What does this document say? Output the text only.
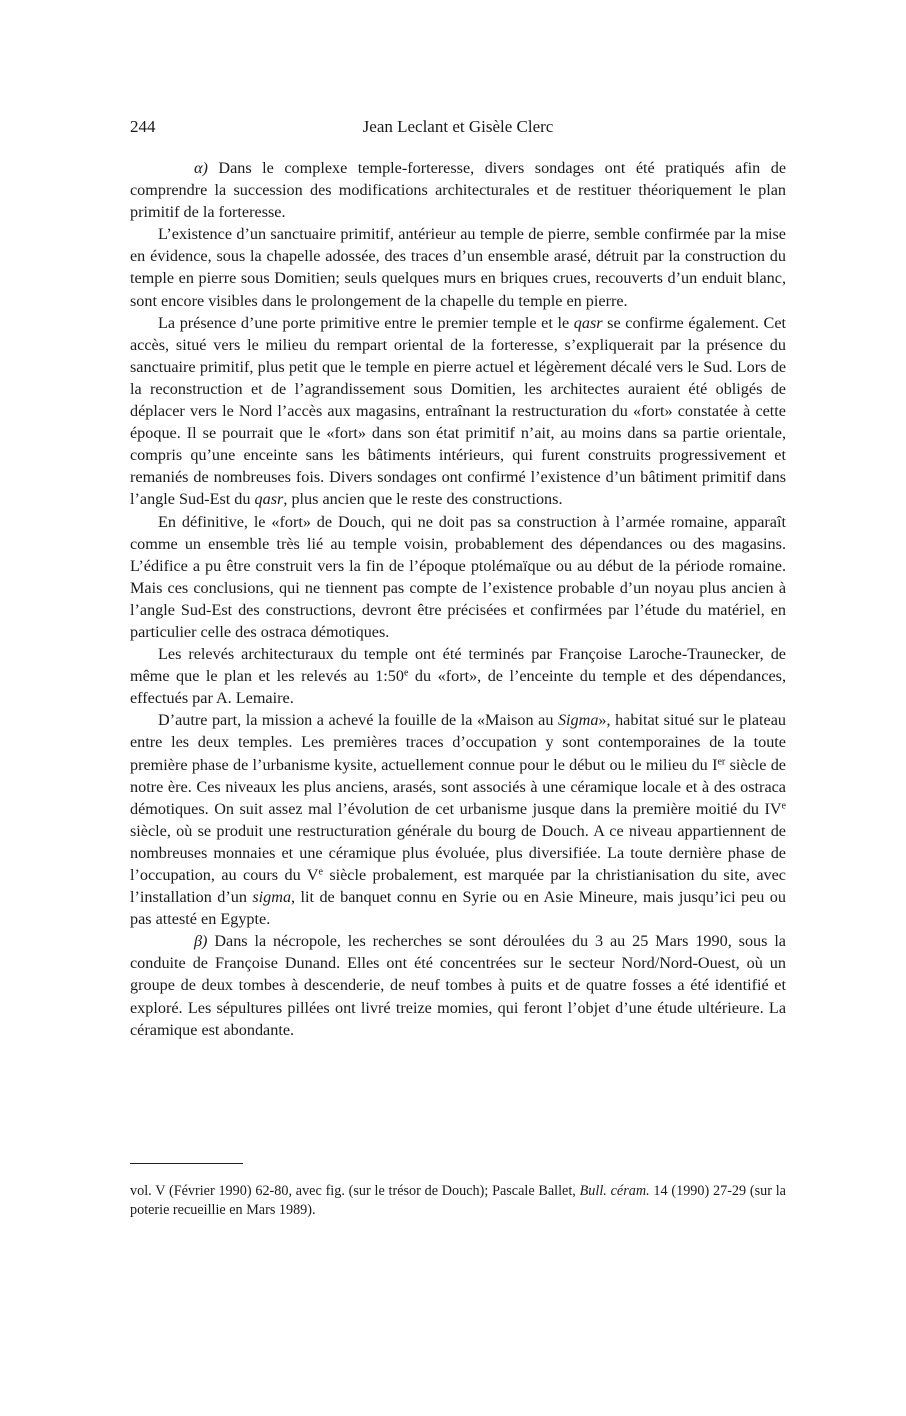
244	Jean Leclant et Gisèle Clerc

α) Dans le complexe temple-forteresse, divers sondages ont été pratiqués afin de comprendre la succession des modifications architecturales et de restituer théoriquement le plan primitif de la forteresse.

L’existence d’un sanctuaire primitif, antérieur au temple de pierre, semble confirmée par la mise en évidence, sous la chapelle adossée, des traces d’un ensemble arasé, détruit par la construction du temple en pierre sous Domitien; seuls quelques murs en briques crues, recouverts d’un enduit blanc, sont encore visibles dans le prolongement de la chapelle du temple en pierre.

La présence d’une porte primitive entre le premier temple et le qasr se confirme également. Cet accès, situé vers le milieu du rempart oriental de la forteresse, s’expliquerait par la présence du sanctuaire primitif, plus petit que le temple en pierre actuel et légèrement décalé vers le Sud. Lors de la reconstruction et de l’agrandissement sous Domitien, les architectes auraient été obligés de déplacer vers le Nord l’accès aux magasins, entraînant la restructuration du «fort» constatée à cette époque. Il se pourrait que le «fort» dans son état primitif n’ait, au moins dans sa partie orientale, compris qu’une enceinte sans les bâtiments intérieurs, qui furent construits progressivement et remaniés de nombreuses fois. Divers sondages ont confirmé l’existence d’un bâtiment primitif dans l’angle Sud-Est du qasr, plus ancien que le reste des constructions.

En définitive, le «fort» de Douch, qui ne doit pas sa construction à l’armée romaine, apparaît comme un ensemble très lié au temple voisin, probablement des dépendances ou des magasins. L’édifice a pu être construit vers la fin de l’époque ptolémaïque ou au début de la période romaine. Mais ces conclusions, qui ne tiennent pas compte de l’existence probable d’un noyau plus ancien à l’angle Sud-Est des constructions, devront être précisées et confirmées par l’étude du matériel, en particulier celle des ostraca démotiques.

Les relevés architecturaux du temple ont été terminés par Françoise Laroche-Traunecker, de même que le plan et les relevés au 1:50e du «fort», de l’enceinte du temple et des dépendances, effectués par A. Lemaire.

D’autre part, la mission a achevé la fouille de la «Maison au Sigma», habitat situé sur le plateau entre les deux temples. Les premières traces d’occupation y sont contemporaines de la toute première phase de l’urbanisme kysite, actuellement connue pour le début ou le milieu du Ier siècle de notre ère. Ces niveaux les plus anciens, arasés, sont associés à une céramique locale et à des ostraca démotiques. On suit assez mal l’évolution de cet urbanisme jusque dans la première moitié du IVe siècle, où se produit une restructuration générale du bourg de Douch. A ce niveau appartiennent de nombreuses monnaies et une céramique plus évoluée, plus diversifiée. La toute dernière phase de l’occupation, au cours du Ve siècle probalement, est marquée par la christianisation du site, avec l’installation d’un sigma, lit de banquet connu en Syrie ou en Asie Mineure, mais jusqu’ici peu ou pas attesté en Egypte.

β) Dans la nécropole, les recherches se sont déroulées du 3 au 25 Mars 1990, sous la conduite de Françoise Dunand. Elles ont été concentrées sur le secteur Nord/Nord-Ouest, où un groupe de deux tombes à descenderie, de neuf tombes à puits et de quatre fosses a été identifié et exploré. Les sépultures pillées ont livré treize momies, qui feront l’objet d’une étude ultérieure. La céramique est abondante.

vol. V (Février 1990) 62-80, avec fig. (sur le trésor de Douch); Pascale Ballet, Bull. céram. 14 (1990) 27-29 (sur la poterie recueillie en Mars 1989).
